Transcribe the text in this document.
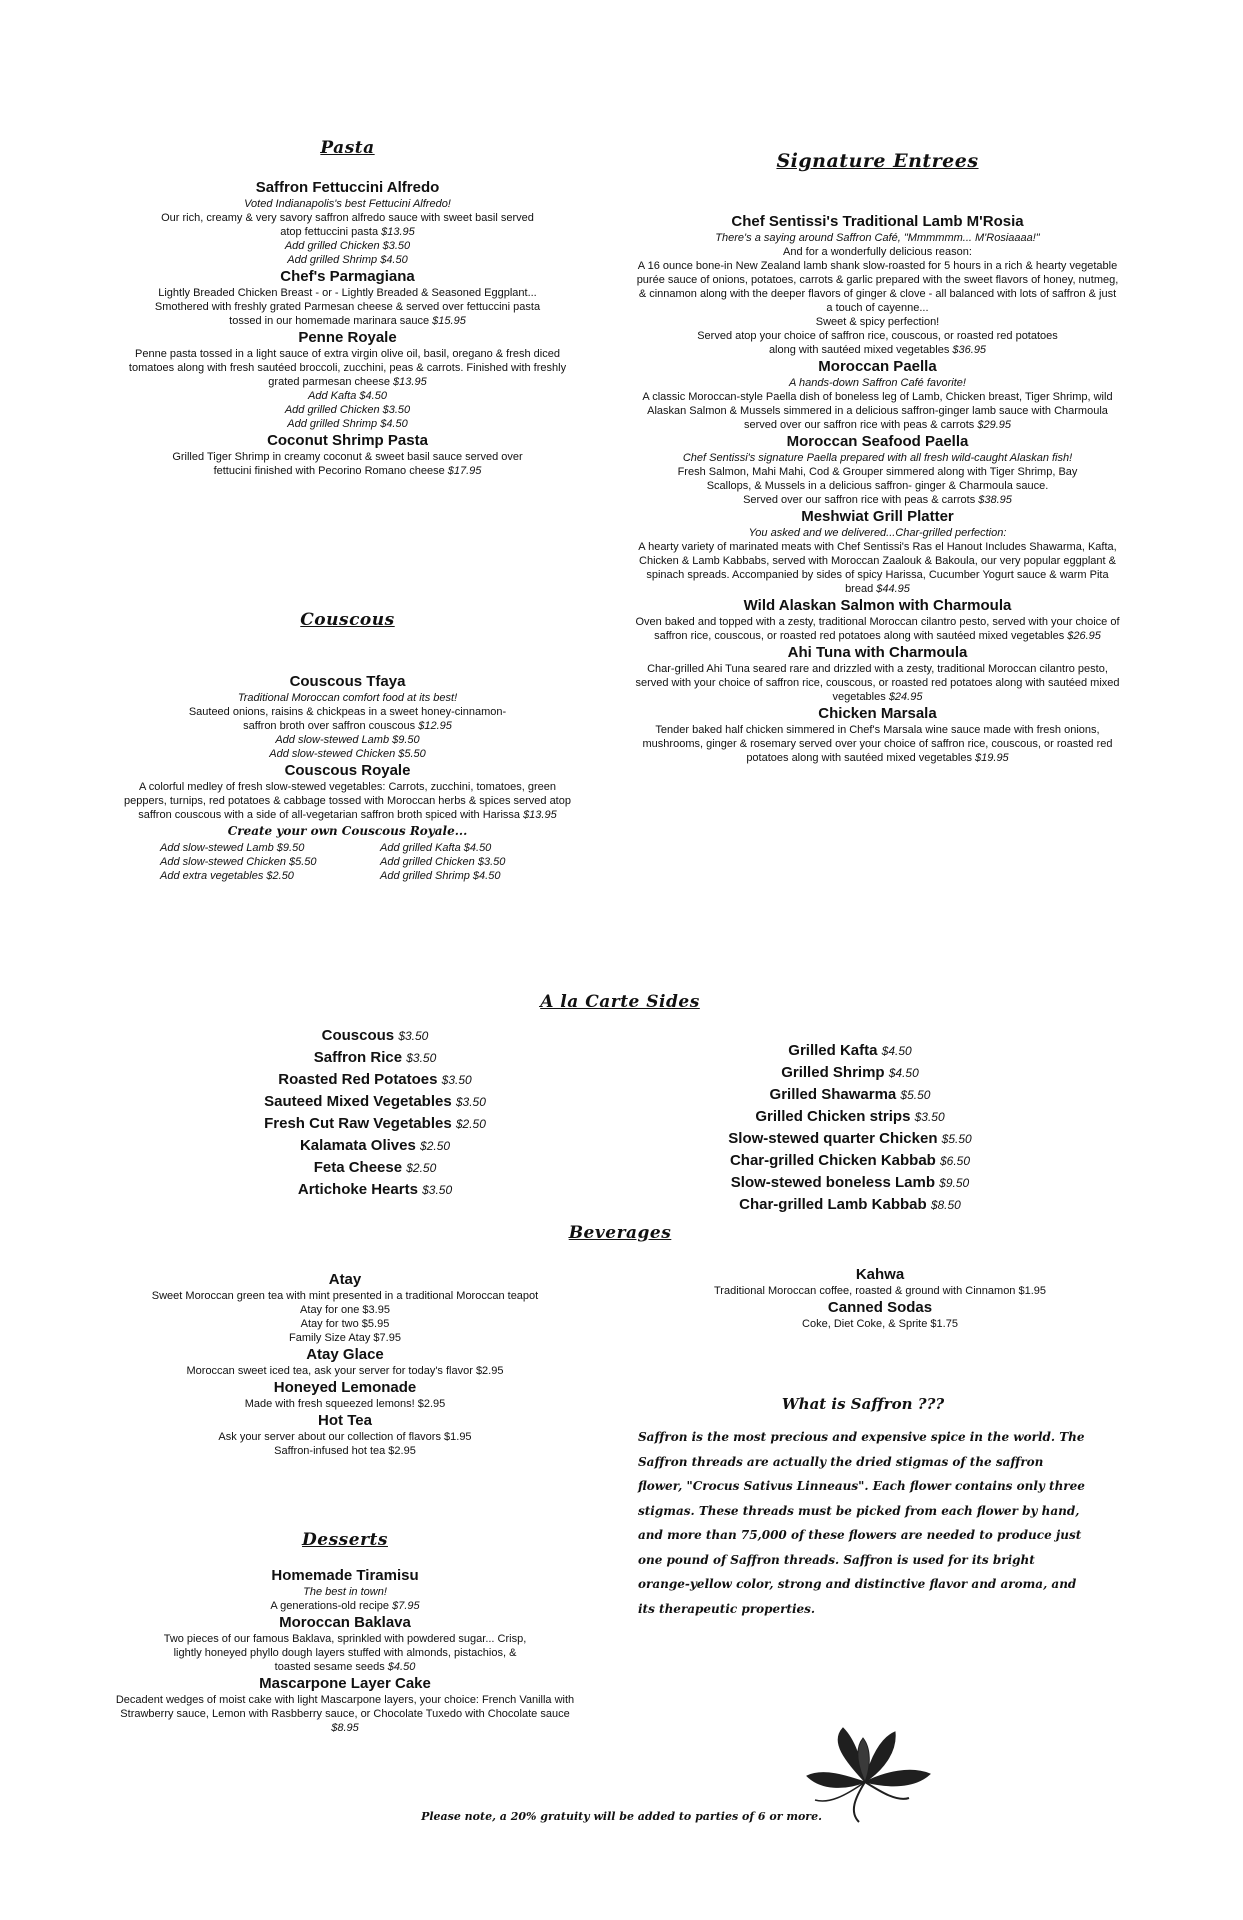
Pasta

Saffron Fettuccini Alfredo

Voted Indianapolis's best Fettucini Alfredo!

Our rich, creamy & very savory saffron alfredo sauce with sweet basil served atop fettuccini pasta $13.95

Add grilled Chicken $3.50

Add grilled Shrimp $4.50

Chef's Parmagiana

Lightly Breaded Chicken Breast - or - Lightly Breaded & Seasoned Eggplant...

Smothered with freshly grated Parmesan cheese & served over fettuccini pasta

tossed in our homemade marinara sauce $15.95

Penne Royale

Penne pasta tossed in a light sauce of extra virgin olive oil, basil, oregano & fresh diced tomatoes along with fresh sautéed broccoli, zucchini, peas & carrots. Finished with freshly grated parmesan cheese $13.95

Add Kafta $4.50

Add grilled Chicken $3.50

Add grilled Shrimp $4.50

Coconut Shrimp Pasta

Grilled Tiger Shrimp in creamy coconut & sweet basil sauce served over fettucini finished with Pecorino Romano cheese $17.95

Couscous

Couscous Tfaya

Traditional Moroccan comfort food at its best!

Sauteed onions, raisins & chickpeas in a sweet honey-cinnamon-saffron broth over saffron couscous $12.95

Add slow-stewed Lamb $9.50

Add slow-stewed Chicken $5.50

Couscous Royale

A colorful medley of fresh slow-stewed vegetables: Carrots, zucchini, tomatoes, green peppers, turnips, red potatoes & cabbage tossed with Moroccan herbs & spices served atop saffron couscous with a side of all-vegetarian saffron broth spiced with Harissa $13.95

Create your own Couscous Royale...

Add slow-stewed Lamb $9.50

Add slow-stewed Chicken $5.50

Add extra vegetables $2.50

Add grilled Kafta $4.50

Add grilled Chicken $3.50

Add grilled Shrimp $4.50

Signature Entrees

Chef Sentissi's Traditional Lamb M'Rosia

There's a saying around Saffron Café, "Mmmmmm... M'Rosiaaaa!"

And for a wonderfully delicious reason:

A 16 ounce bone-in New Zealand lamb shank slow-roasted for 5 hours in a rich & hearty vegetable purée sauce of onions, potatoes, carrots & garlic prepared with the sweet flavors of honey, nutmeg, & cinnamon along with the deeper flavors of ginger & clove - all balanced with lots of saffron & just a touch of cayenne...

Sweet & spicy perfection!

Served atop your choice of saffron rice, couscous, or roasted red potatoes along with sautéed mixed vegetables $36.95

Moroccan Paella

A hands-down Saffron Café favorite!

A classic Moroccan-style Paella dish of boneless leg of Lamb, Chicken breast, Tiger Shrimp, wild Alaskan Salmon & Mussels simmered in a delicious saffron-ginger lamb sauce with Charmoula served over our saffron rice with peas & carrots $29.95

Moroccan Seafood Paella

Chef Sentissi's signature Paella prepared with all fresh wild-caught Alaskan fish!

Fresh Salmon, Mahi Mahi, Cod & Grouper simmered along with Tiger Shrimp, Bay Scallops, & Mussels in a delicious saffron- ginger & Charmoula sauce.

Served over our saffron rice with peas & carrots $38.95

Meshwiat Grill Platter

You asked and we delivered...Char-grilled perfection:

A hearty variety of marinated meats with Chef Sentissi's Ras el Hanout Includes Shawarma, Kafta, Chicken & Lamb Kabbabs, served with Moroccan Zaalouk & Bakoula, our very popular eggplant & spinach spreads. Accompanied by sides of spicy Harissa, Cucumber Yogurt sauce & warm Pita bread $44.95

Wild Alaskan Salmon with Charmoula

Oven baked and topped with a zesty, traditional Moroccan cilantro pesto, served with your choice of saffron rice, couscous, or roasted red potatoes along with sautéed mixed vegetables $26.95

Ahi Tuna with Charmoula

Char-grilled Ahi Tuna seared rare and drizzled with a zesty, traditional Moroccan cilantro pesto, served with your choice of saffron rice, couscous, or roasted red potatoes along with sautéed mixed vegetables $24.95

Chicken Marsala

Tender baked half chicken simmered in Chef's Marsala wine sauce made with fresh onions, mushrooms, ginger & rosemary served over your choice of saffron rice, couscous, or roasted red potatoes along with sautéed mixed vegetables $19.95

A la Carte Sides

Couscous $3.50

Saffron Rice $3.50

Roasted Red Potatoes $3.50

Sauteed Mixed Vegetables $3.50

Fresh Cut Raw Vegetables $2.50

Kalamata Olives $2.50

Feta Cheese $2.50

Artichoke Hearts $3.50

Grilled Kafta $4.50

Grilled Shrimp $4.50

Grilled Shawarma $5.50

Grilled Chicken strips $3.50

Slow-stewed quarter Chicken $5.50

Char-grilled Chicken Kabbab $6.50

Slow-stewed boneless Lamb $9.50

Char-grilled Lamb Kabbab $8.50

Beverages

Atay

Sweet Moroccan green tea with mint presented in a traditional Moroccan teapot

Atay for one $3.95

Atay for two $5.95

Family Size Atay $7.95

Atay Glace

Moroccan sweet iced tea, ask your server for today's flavor $2.95

Honeyed Lemonade

Made with fresh squeezed lemons! $2.95

Hot Tea

Ask your server about our collection of flavors $1.95

Saffron-infused hot tea $2.95

Kahwa

Traditional Moroccan coffee, roasted & ground with Cinnamon $1.95

Canned Sodas

Coke, Diet Coke, & Sprite $1.75

Desserts

Homemade Tiramisu

The best in town!

A generations-old recipe $7.95

Moroccan Baklava

Two pieces of our famous Baklava, sprinkled with powdered sugar... Crisp, lightly honeyed phyllo dough layers stuffed with almonds, pistachios, & toasted sesame seeds $4.50

Mascarpone Layer Cake

Decadent wedges of moist cake with light Mascarpone layers, your choice: French Vanilla with Strawberry sauce, Lemon with Rasbberry sauce, or Chocolate Tuxedo with Chocolate sauce $8.95

What is Saffron ???

Saffron is the most precious and expensive spice in the world. The Saffron threads are actually the dried stigmas of the saffron flower, "Crocus Sativus Linneaus". Each flower contains only three stigmas. These threads must be picked from each flower by hand, and more than 75,000 of these flowers are needed to produce just one pound of Saffron threads. Saffron is used for its bright orange-yellow color, strong and distinctive flavor and aroma, and its therapeutic properties.

Please note, a 20% gratuity will be added to parties of 6 or more.
